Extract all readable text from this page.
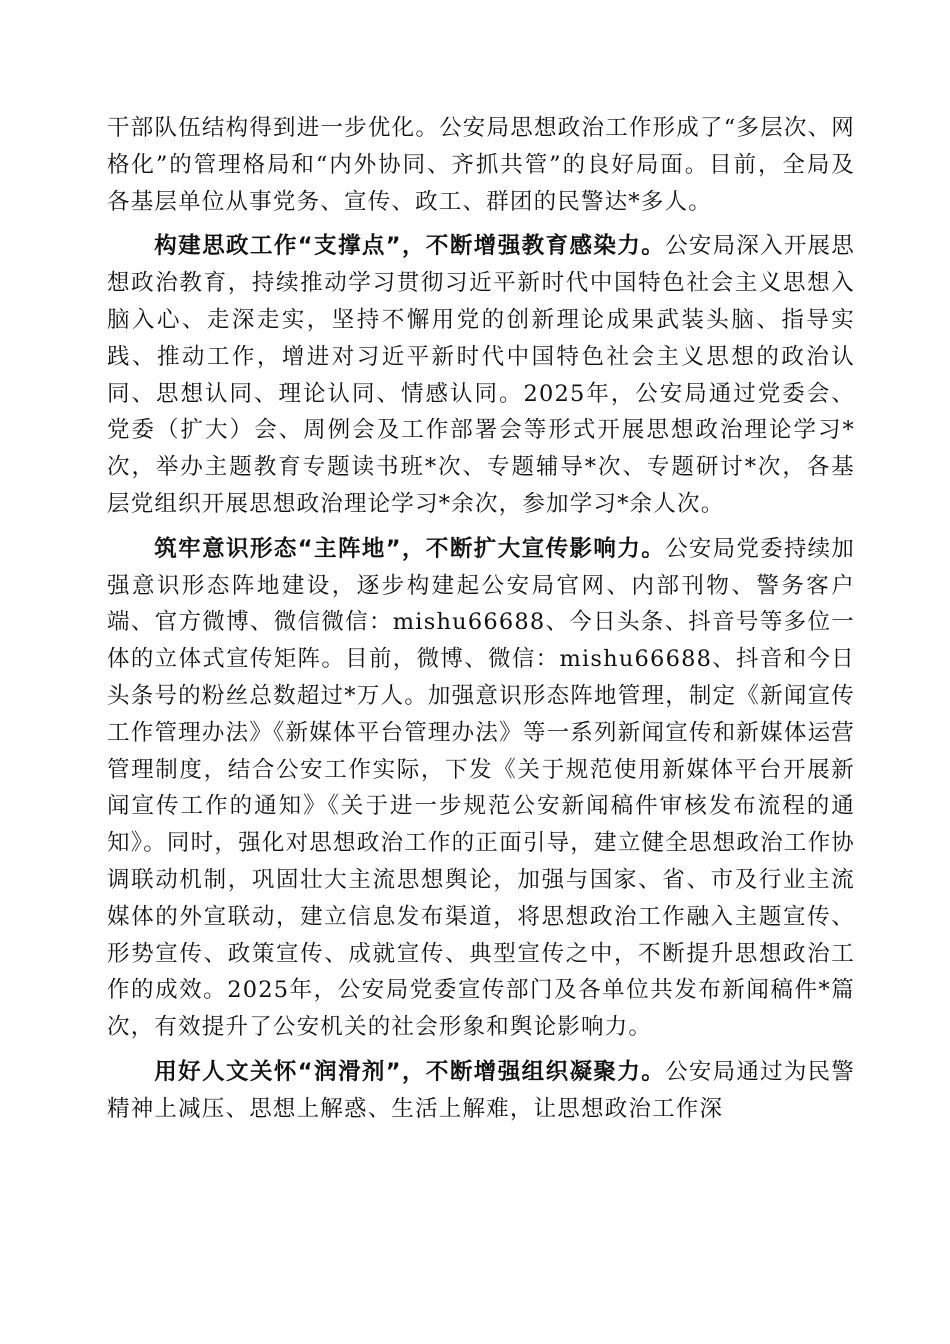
干部队伍结构得到进一步优化。公安局思想政治工作形成了“多层次、网格化”的管理格局和“内外协同、齐抓共管”的良好局面。目前，全局及各基层单位从事党务、宣传、政工、群团的民警达*多人。

构建思政工作“支撑点”，不断增强教育感染力。公安局深入开展思想政治教育，持续推动学习贯彻习近平新时代中国特色社会主义思想入脑入心、走深走实，坚持不懈用党的创新理论成果武装头脑、指导实践、推动工作，增进对习近平新时代中国特色社会主义思想的政治认同、思想认同、理论认同、情感认同。2025年，公安局通过党委会、党委（扩大）会、周例会及工作部署会等形式开展思想政治理论学习*次，举办主题教育专题读书班*次、专题辅导*次、专题研讨*次，各基层党组织开展思想政治理论学习*余次，参加学习*余人次。

筑牢意识形态“主阵地”，不断扩大宣传影响力。公安局党委持续加强意识形态阵地建设，逐步构建起公安局官网、内部刊物、警务客户端、官方微博、微信微信：mishu66688、今日头条、抖音号等多位一体的立体式宣传矩阵。目前，微博、微信：mishu66688、抖音和今日头条号的粉丝总数超过*万人。加强意识形态阵地管理，制定《新闻宣传工作管理办法》《新媒体平台管理办法》等一系列新闻宣传和新媒体运营管理制度，结合公安工作实际，下发《关于规范使用新媒体平台开展新闻宣传工作的通知》《关于进一步规范公安新闻稿件审核发布流程的通知》。同时，强化对思想政治工作的正面引导，建立健全思想政治工作协调联动机制，巩固壮大主流思想舆论，加强与国家、省、市及行业主流媒体的外宣联动，建立信息发布渠道，将思想政治工作融入主题宣传、形势宣传、政策宣传、成就宣传、典型宣传之中，不断提升思想政治工作的成效。2025年，公安局党委宣传部门及各单位共发布新闻稿件*篇次，有效提升了公安机关的社会形象和舆论影响力。

用好人文关怀“润滑剂”，不断增强组织凝聚力。公安局通过为民警精神上减压、思想上解惑、生活上解难，让思想政治工作深
